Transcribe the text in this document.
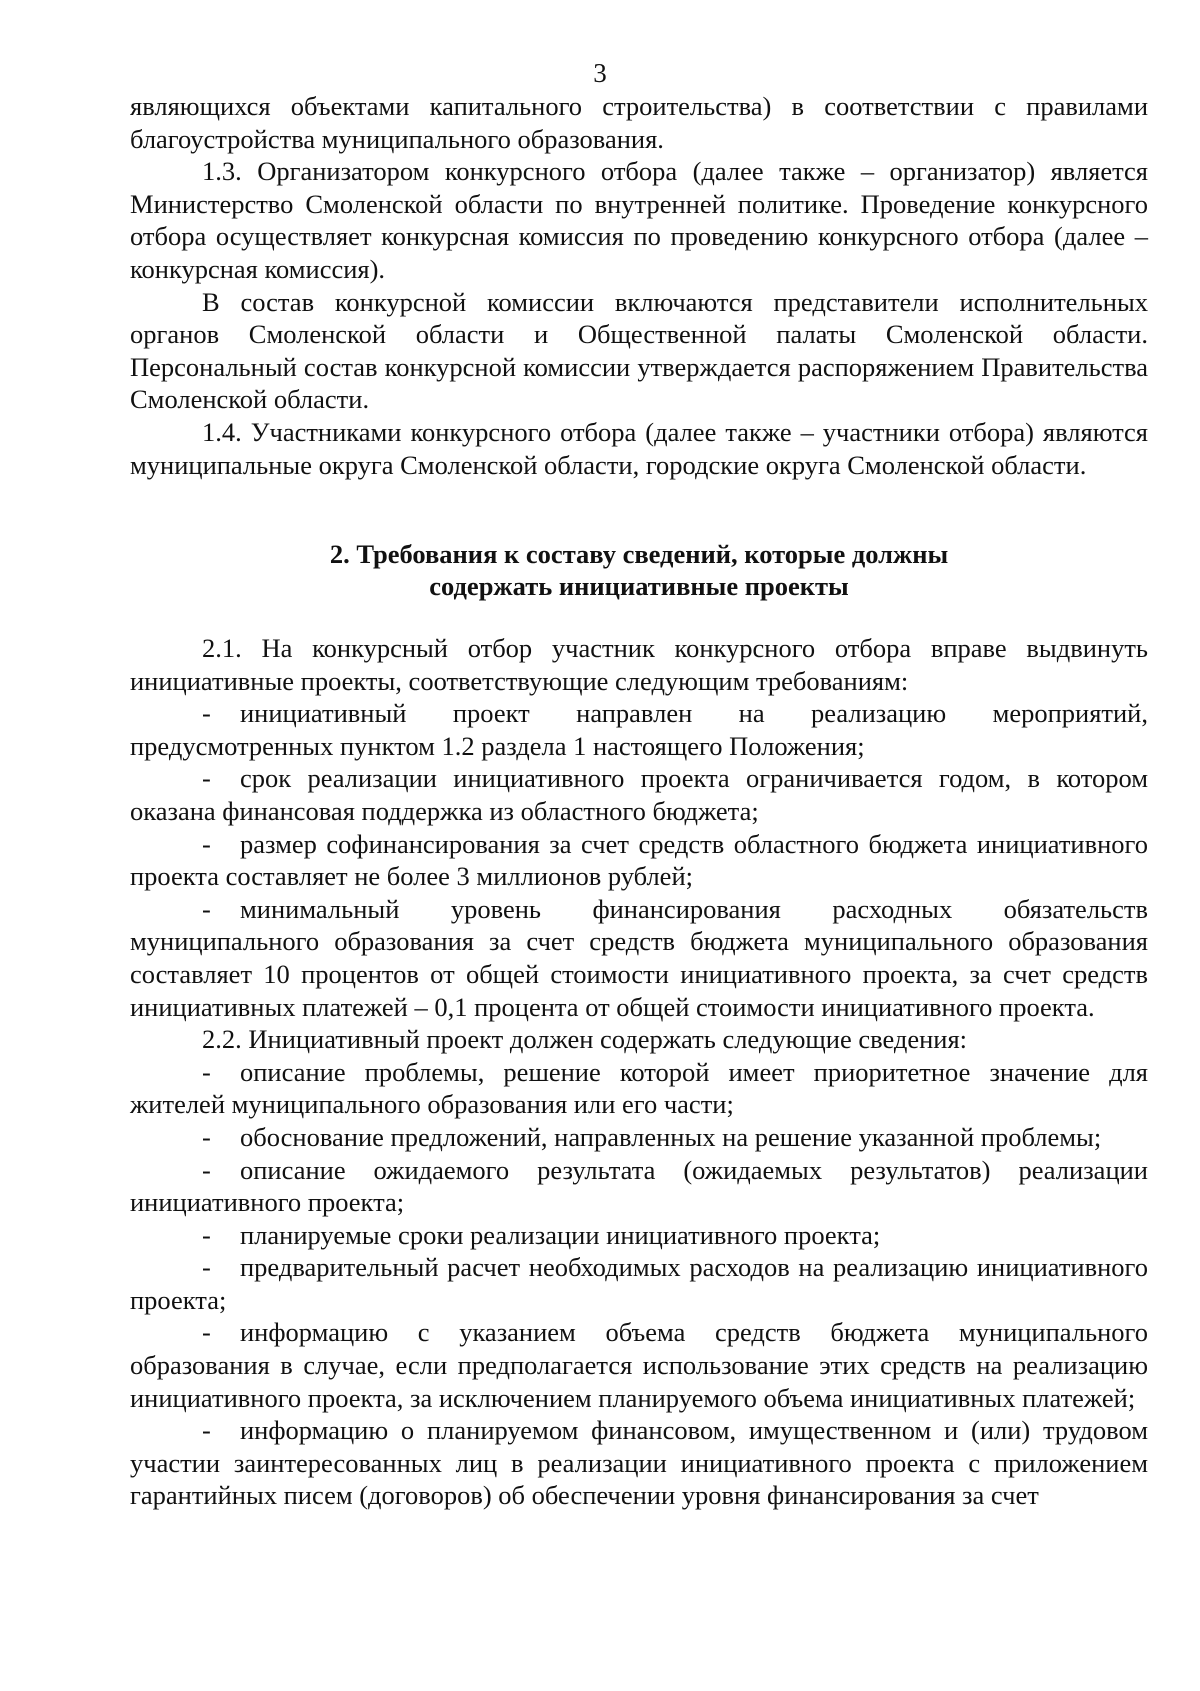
3

являющихся объектами капитального строительства) в соответствии с правилами благоустройства муниципального образования.

1.3. Организатором конкурсного отбора (далее также – организатор) является Министерство Смоленской области по внутренней политике. Проведение конкурсного отбора осуществляет конкурсная комиссия по проведению конкурсного отбора (далее – конкурсная комиссия).

В состав конкурсной комиссии включаются представители исполнительных органов Смоленской области и Общественной палаты Смоленской области. Персональный состав конкурсной комиссии утверждается распоряжением Правительства Смоленской области.

1.4. Участниками конкурсного отбора (далее также – участники отбора) являются муниципальные округа Смоленской области, городские округа Смоленской области.

2. Требования к составу сведений, которые должны

содержать инициативные проекты

2.1. На конкурсный отбор участник конкурсного отбора вправе выдвинуть инициативные проекты, соответствующие следующим требованиям:

- инициативный проект направлен на реализацию мероприятий, предусмотренных пунктом 1.2 раздела 1 настоящего Положения;

- срок реализации инициативного проекта ограничивается годом, в котором оказана финансовая поддержка из областного бюджета;

- размер софинансирования за счет средств областного бюджета инициативного проекта составляет не более 3 миллионов рублей;

- минимальный уровень финансирования расходных обязательств муниципального образования за счет средств бюджета муниципального образования составляет 10 процентов от общей стоимости инициативного проекта, за счет средств инициативных платежей – 0,1 процента от общей стоимости инициативного проекта.

2.2. Инициативный проект должен содержать следующие сведения:

- описание проблемы, решение которой имеет приоритетное значение для жителей муниципального образования или его части;

- обоснование предложений, направленных на решение указанной проблемы;

- описание ожидаемого результата (ожидаемых результатов) реализации инициативного проекта;

- планируемые сроки реализации инициативного проекта;

- предварительный расчет необходимых расходов на реализацию инициативного проекта;

- информацию с указанием объема средств бюджета муниципального образования в случае, если предполагается использование этих средств на реализацию инициативного проекта, за исключением планируемого объема инициативных платежей;

- информацию о планируемом финансовом, имущественном и (или) трудовом участии заинтересованных лиц в реализации инициативного проекта с приложением гарантийных писем (договоров) об обеспечении уровня финансирования за счет
